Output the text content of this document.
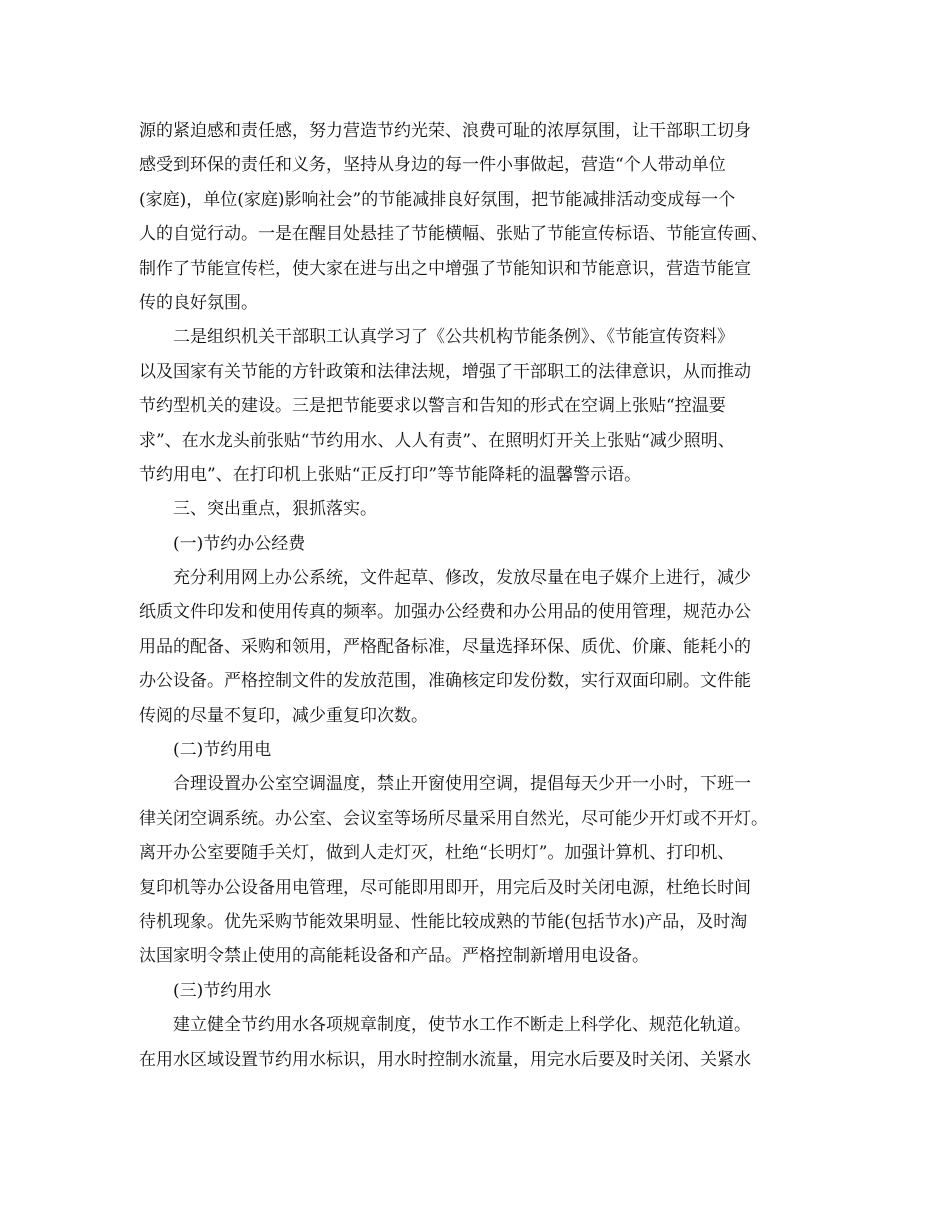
源的紧迫感和责任感，努力营造节约光荣、浪费可耻的浓厚氛围，让干部职工切身
感受到环保的责任和义务，坚持从身边的每一件小事做起，营造“个人带动单位
(家庭)，单位(家庭)影响社会”的节能减排良好氛围，把节能减排活动变成每一个
人的自觉行动。一是在醒目处悬挂了节能横幅、张贴了节能宣传标语、节能宣传画、
制作了节能宣传栏，使大家在进与出之中增强了节能知识和节能意识，营造节能宣
传的良好氛围。
二是组织机关干部职工认真学习了《公共机构节能条例》、《节能宣传资料》
以及国家有关节能的方针政策和法律法规，增强了干部职工的法律意识，从而推动
节约型机关的建设。三是把节能要求以警言和告知的形式在空调上张贴“控温要
求”、在水龙头前张贴“节约用水、人人有责”、在照明灯开关上张贴“减少照明、
节约用电”、在打印机上张贴“正反打印”等节能降耗的温馨警示语。
三、突出重点，狠抓落实。
(一)节约办公经费
充分利用网上办公系统，文件起草、修改，发放尽量在电子媒介上进行，减少
纸质文件印发和使用传真的频率。加强办公经费和办公用品的使用管理，规范办公
用品的配备、采购和领用，严格配备标准，尽量选择环保、质优、价廉、能耗小的
办公设备。严格控制文件的发放范围，准确核定印发份数，实行双面印刷。文件能
传阅的尽量不复印，减少重复印次数。
(二)节约用电
合理设置办公室空调温度，禁止开窗使用空调，提倡每天少开一小时，下班一
律关闭空调系统。办公室、会议室等场所尽量采用自然光，尽可能少开灯或不开灯。
离开办公室要随手关灯，做到人走灯灭，杜绝“长明灯”。加强计算机、打印机、
复印机等办公设备用电管理，尽可能即用即开，用完后及时关闭电源，杜绝长时间
待机现象。优先采购节能效果明显、性能比较成熟的节能(包括节水)产品，及时淘
汰国家明令禁止使用的高能耗设备和产品。严格控制新增用电设备。
(三)节约用水
建立健全节约用水各项规章制度，使节水工作不断走上科学化、规范化轨道。
在用水区域设置节约用水标识，用水时控制水流量，用完水后要及时关闭、关紧水
